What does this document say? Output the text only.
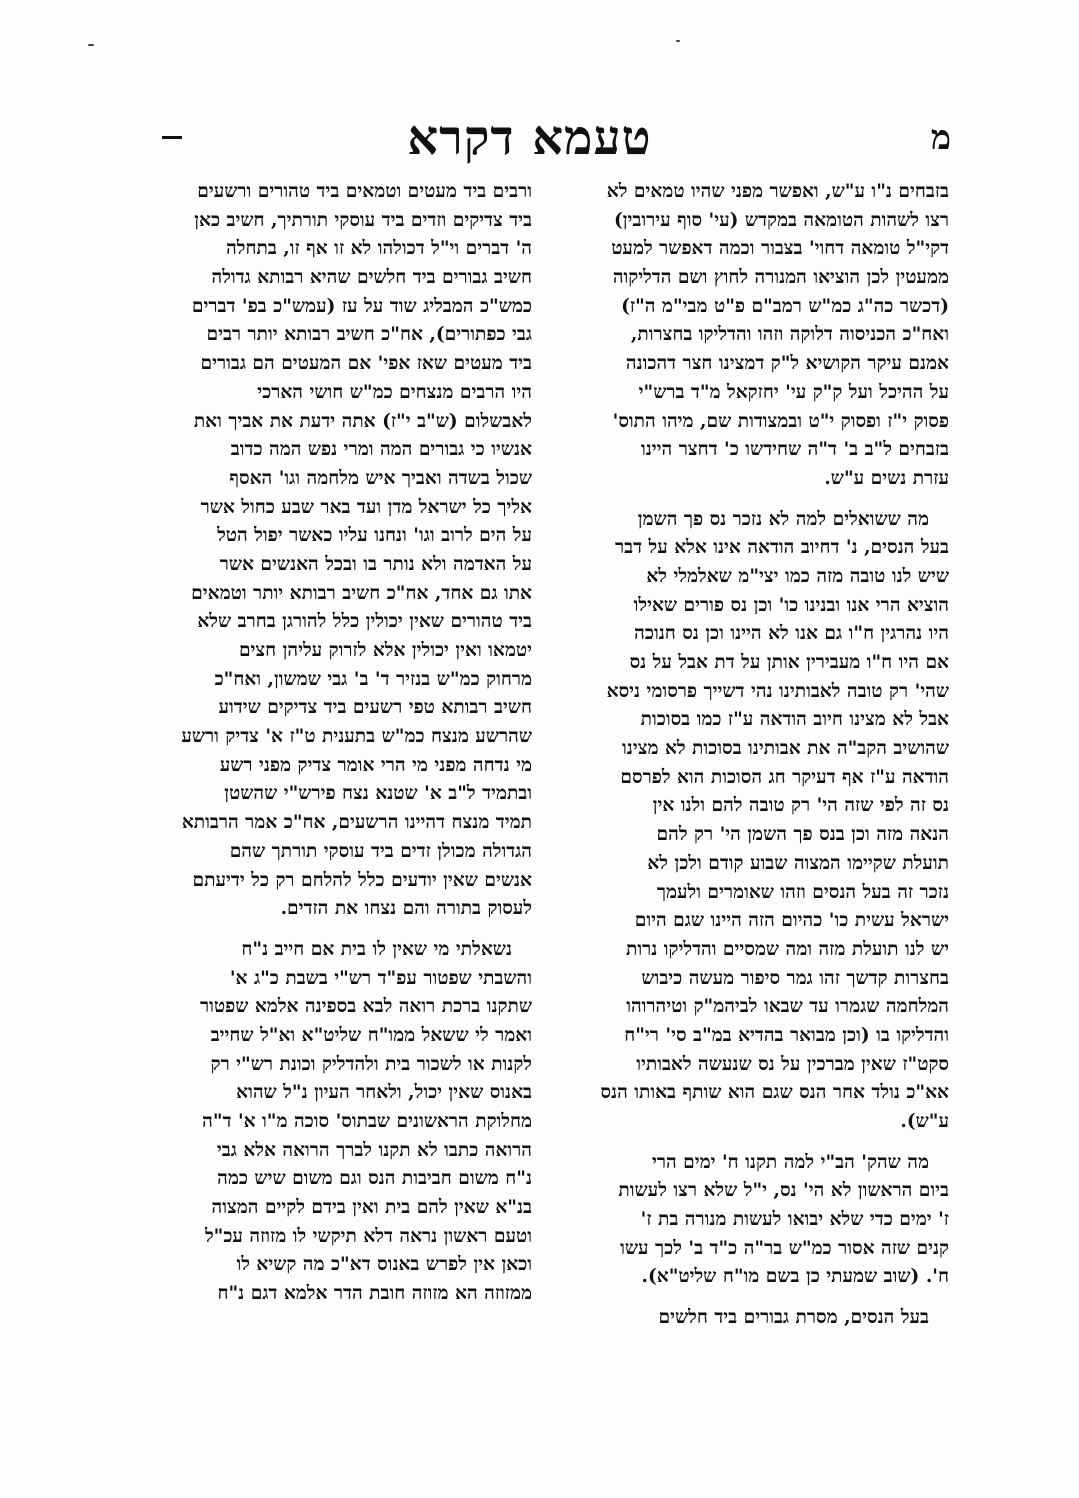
מ
טעמא דקרא
בזבחים נ"ו ע"ש, ואפשר מפני שהיו טמאים לא
רצו לשהות הטומאה במקדש (עי' סוף עירובין)
דקי"ל טומאה דחוי' בצבור וכמה דאפשר למעט
ממעטין לכן הוציאו המנורה לחוץ ושם הדליקוה
(דכשר כה"ג כמ"ש רמב"ם פ"ט מבי"מ ה"ז)
ואח"כ הכניסוה דלוקה וזהו והדליקו בחצרות,
אמנם עיקר הקושיא ל"ק דמצינו חצר דהכונה
על ההיכל ועל ק"ק עי' יחזקאל מ"ד ברש"י
פסוק י"ז ופסוק י"ט ובמצודות שם, מיהו התוס'
בזבחים ל"ב ב' ד"ה שחידשו כ' דחצר היינו
עזרת נשים ע"ש.
מה ששואלים למה לא נזכר נס פך השמן
בעל הנסים, נ' דחיוב הודאה אינו אלא על דבר
שיש לנו טובה מזה כמו יצי"מ שאלמלי לא
הוציא הרי אנו ובנינו כו' וכן נס פורים שאילו
היו נהרגין ח"ו גם אנו לא היינו וכן נס חנוכה
אם היו ח"ו מעבירין אותן על דת אבל על נס
שהי' רק טובה לאבותינו נהי דשייך פרסומי ניסא
אבל לא מצינו חיוב הודאה ע"ז כמו בסוכות
שהושיב הקב"ה את אבותינו בסוכות לא מצינו
הודאה ע"ז אף דעיקר חג הסוכות הוא לפרסם
נס זה לפי שזה הי' רק טובה להם ולנו אין
הנאה מזה וכן בנס פך השמן הי' רק להם
תועלת שקיימו המצוה שבוע קודם ולכן לא
נזכר זה בעל הנסים וזהו שאומרים ולעמך
ישראל עשית כו' כהיום הזה היינו שגם היום
יש לנו תועלת מזה ומה שמסיים והדליקו נרות
בחצרות קדשך זהו גמר סיפור מעשה כיבוש
המלחמה שגמרו עד שבאו לביהמ"ק וטיהרוהו
והדליקו בו (וכן מבואר בהדיא במ"ב סי' רי"ח
סקט"ז שאין מברכין על נס שנעשה לאבותיו
אא"כ נולד אחר הנס שגם הוא שותף באותו הנס
ע"ש).
מה שהק' הב"י למה תקנו ח' ימים הרי
ביום הראשון לא הי' נס, י"ל שלא רצו לעשות
ז' ימים כדי שלא יבואו לעשות מנורה בת ז'
קנים שזה אסור כמ"ש בר"ה כ"ד ב' לכך עשו
ח'. (שוב שמעתי כן בשם מו"ח שליט"א).
בעל הנסים, מסרת גבורים ביד חלשים
ורבים ביד מעטים וטמאים ביד טהורים ורשעים
ביד צדיקים וזדים ביד עוסקי תורתיך, חשיב כאן
ה' דברים וי"ל דכולהו לא זו אף זו, בתחלה
חשיב גבורים ביד חלשים שהיא רבותא גדולה
כמש"כ המבליג שוד על עז (עמש"כ בפ' דברים
גבי כפתורים), אח"כ חשיב רבותא יותר רבים
ביד מעטים שאז אפי' אם המעטים הם גבורים
היו הרבים מנצחים כמ"ש חושי הארכי
לאבשלום (ש"ב י"ז) אתה ידעת את אביך ואת
אנשיו כי גבורים המה ומרי נפש המה כדוב
שכול בשדה ואביך איש מלחמה וגו' האסף
אליך כל ישראל מדן ועד באר שבע כחול אשר
על הים לרוב וגו' ונחנו עליו כאשר יפול הטל
על האדמה ולא נותר בו ובכל האנשים אשר
אתו גם אחד, אח"כ חשיב רבותא יותר וטמאים
ביד טהורים שאין יכולין כלל להורגן בחרב שלא
יטמאו ואין יכולין אלא לזרוק עליהן חצים
מרחוק כמ"ש בנזיר ד' ב' גבי שמשון, ואח"כ
חשיב רבותא טפי רשעים ביד צדיקים שידוע
שהרשע מנצח כמ"ש בתענית ט"ז א' צדיק ורשע
מי נדחה מפני מי הרי אומר צדיק מפני רשע
ובתמיד ל"ב א' שטנא נצח פירש"י שהשטן
תמיד מנצח דהיינו הרשעים, אח"כ אמר הרבותא
הגדולה מכולן זדים ביד עוסקי תורתך שהם
אנשים שאין יודעים כלל להלחם רק כל ידיעתם
לעסוק בתורה והם נצחו את הזדים.
נשאלתי מי שאין לו בית אם חייב נ"ח
והשבתי שפטור עפ"ד רש"י בשבת כ"ג א'
שתקנו ברכת רואה לבא בספינה אלמא שפטור
ואמר לי ששאל ממו"ח שליט"א וא"ל שחייב
לקנות או לשכור בית ולהדליק וכונת רש"י רק
באנוס שאין יכול, ולאחר העיון נ"ל שהוא
מחלוקת הראשונים שבתוס' סוכה מ"ו א' ד"ה
הרואה כתבו לא תקנו לברך הרואה אלא גבי
נ"ח משום חביבות הנס וגם משום שיש כמה
בנ"א שאין להם בית ואין בידם לקיים המצוה
וטעם ראשון נראה דלא תיקשי לו מזוזה עכ"ל
וכאן אין לפרש באנוס דא"כ מה קשיא לו
ממזוזה הא מזוזה חובת הדר אלמא דגם נ"ח
